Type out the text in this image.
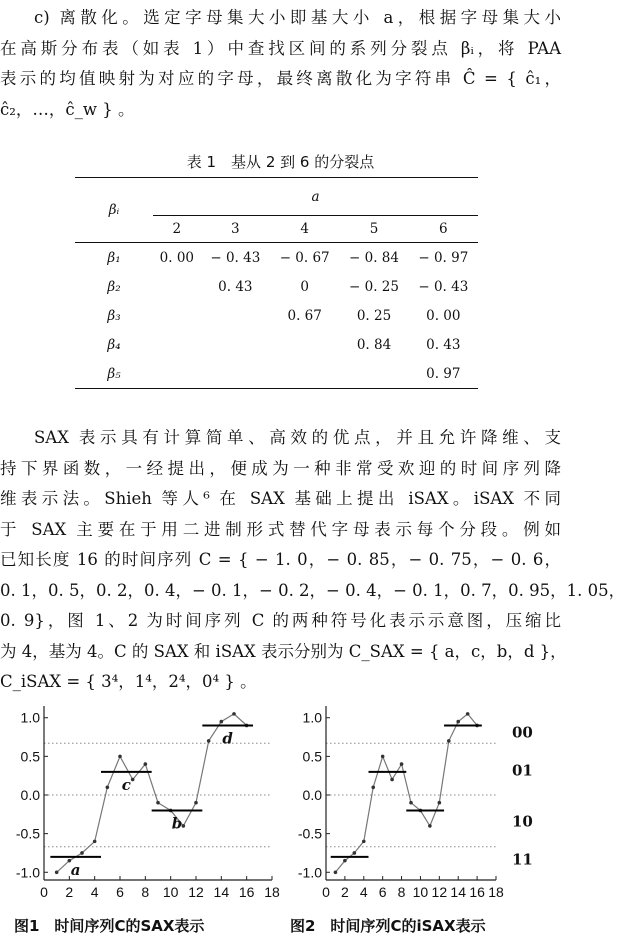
c) 离散化。选定字母集大小即基大小 a，根据字母集大小
在高斯分布表（如表 1）中查找区间的系列分裂点 βᵢ，将 PAA
表示的均值映射为对应的字母，最终离散化为字符串 Ĉ = { ĉ₁，
ĉ₂，…，ĉ_w } 。
表 1　基从 2 到 6 的分裂点
βᵢ	a				
	2	3	4	5	6
β₁	0. 00	− 0. 43	− 0. 67	− 0. 84	− 0. 97
β₂		0. 43	0	− 0. 25	− 0. 43
β₃			0. 67	0. 25	0. 00
β₄				0. 84	0. 43
β₅					0. 97
SAX 表示具有计算简单、高效的优点，并且允许降维、支
持下界函数，一经提出，便成为一种非常受欢迎的时间序列降
维表示法。Shieh 等人⁶ 在 SAX 基础上提出 iSAX。iSAX 不同
于 SAX 主要在于用二进制形式替代字母表示每个分段。例如
已知长度 16 的时间序列 C = { − 1. 0，− 0. 85，− 0. 75，− 0. 6，
0. 1，0. 5，0. 2，0. 4，− 0. 1，− 0. 2，− 0. 4，− 0. 1，0. 7，0. 95，1. 05，
0. 9}，图 1、2 为时间序列 C 的两种符号化表示示意图，压缩比
为 4，基为 4。C 的 SAX 和 iSAX 表示分别为 C_SAX = { a，c，b，d }，
C_iSAX = { 3⁴，1⁴，2⁴，0⁴ } 。
1.0
0.5
0.0
-0.5
-1.0
0 2 4 6 8 10 12 14 16 18
a
c
b
d
图1　时间序列C的SAX表示
1.0
0.5
0.0
-0.5
-1.0
0 2 4 6 8 10 12 14 16 18
00
01
10
11
图2　时间序列C的iSAX表示
